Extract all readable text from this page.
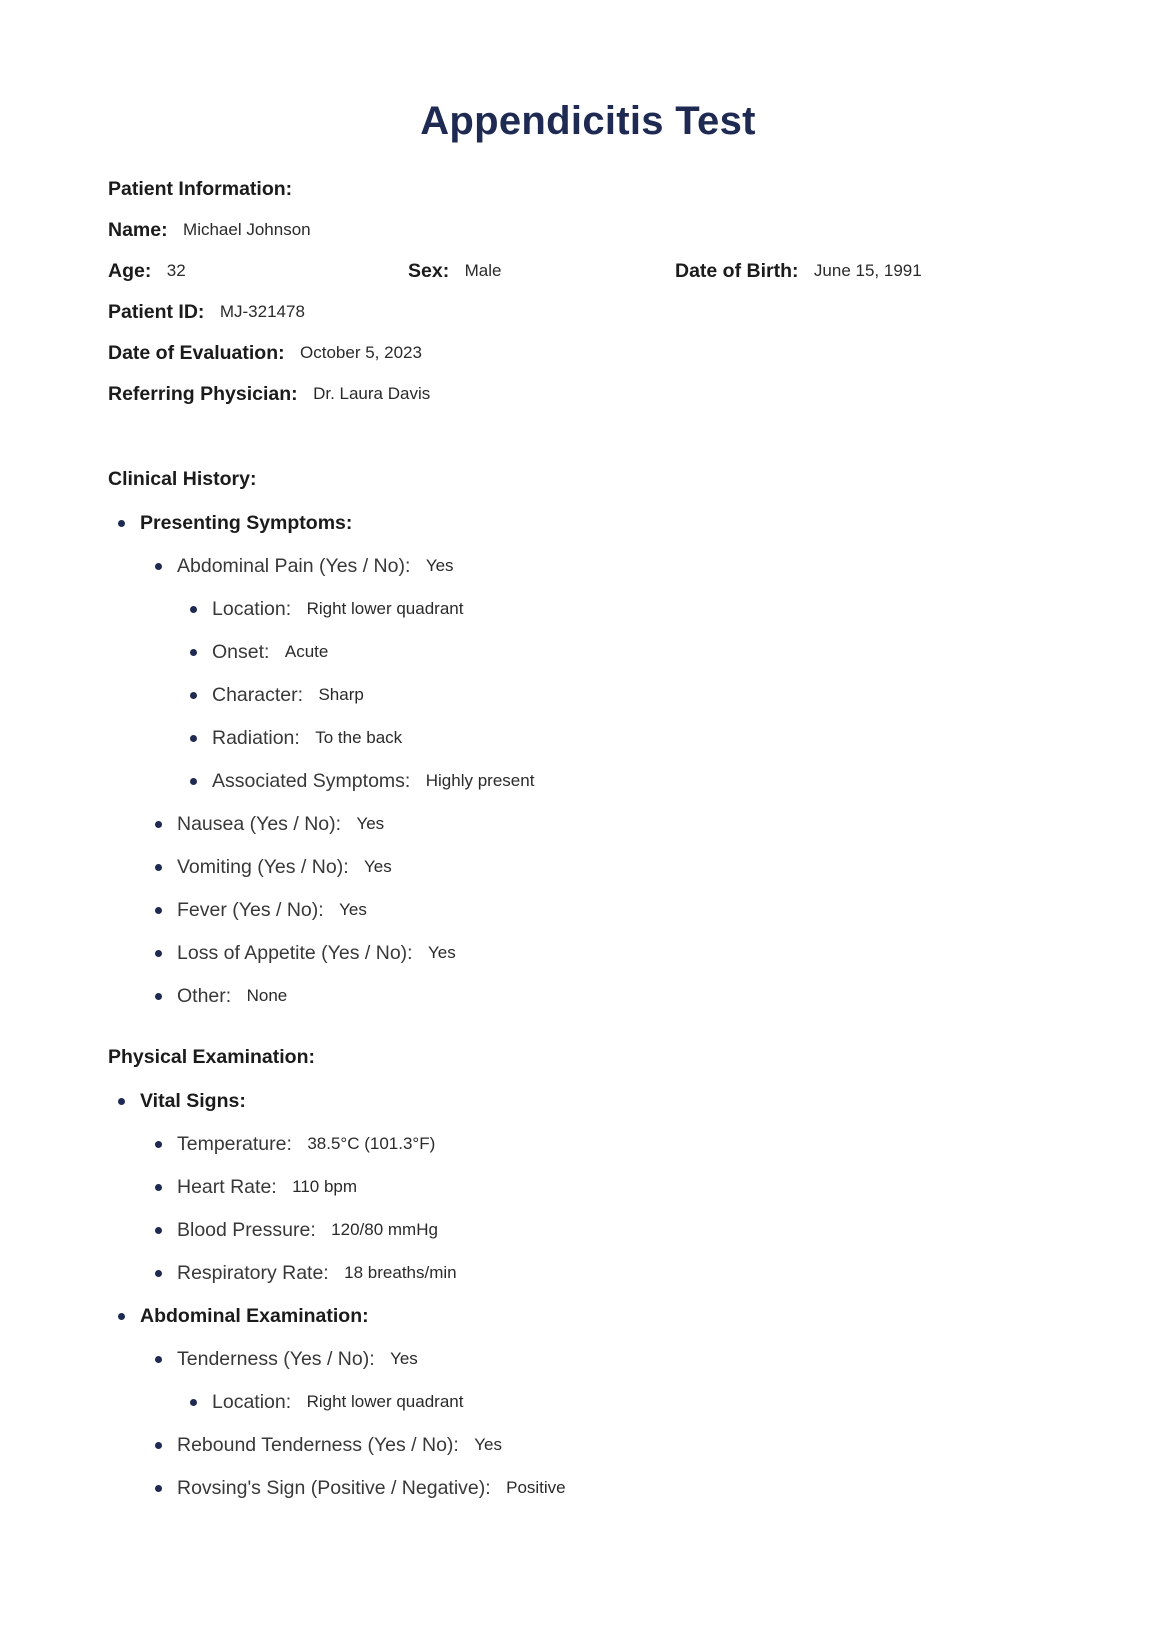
Appendicitis Test

Patient Information:

Name: Michael Johnson

Age: 32	Sex: Male	Date of Birth: June 15, 1991

Patient ID: MJ-321478

Date of Evaluation: October 5, 2023

Referring Physician: Dr. Laura Davis

Clinical History:

Presenting Symptoms:
Abdominal Pain (Yes / No): Yes
Location: Right lower quadrant
Onset: Acute
Character: Sharp
Radiation: To the back
Associated Symptoms: Highly present
Nausea (Yes / No): Yes
Vomiting (Yes / No): Yes
Fever (Yes / No): Yes
Loss of Appetite (Yes / No): Yes
Other: None

Physical Examination:

Vital Signs:
Temperature: 38.5°C (101.3°F)
Heart Rate: 110 bpm
Blood Pressure: 120/80 mmHg
Respiratory Rate: 18 breaths/min
Abdominal Examination:
Tenderness (Yes / No): Yes
Location: Right lower quadrant
Rebound Tenderness (Yes / No): Yes
Rovsing's Sign (Positive / Negative): Positive
